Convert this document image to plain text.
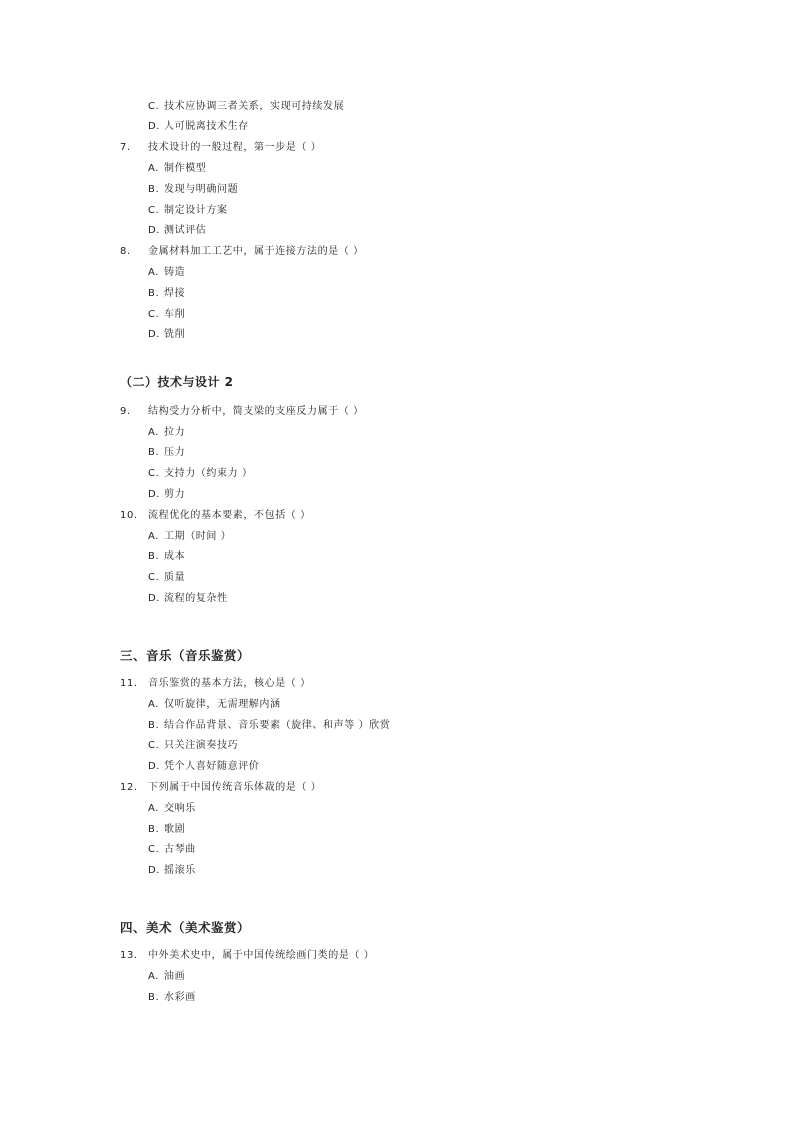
C. 技术应协调三者关系，实现可持续发展
D. 人可脱离技术生存
7. 技术设计的一般过程，第一步是（ ）
A. 制作模型
B. 发现与明确问题
C. 制定设计方案
D. 测试评估
8. 金属材料加工工艺中，属于连接方法的是（ ）
A. 铸造
B. 焊接
C. 车削
D. 铣削
（二）技术与设计 2
9. 结构受力分析中，简支梁的支座反力属于（ ）
A. 拉力
B. 压力
C. 支持力（约束力 ）
D. 剪力
10. 流程优化的基本要素，不包括（ ）
A. 工期（时间 ）
B. 成本
C. 质量
D. 流程的复杂性
三、音乐（音乐鉴赏）
11. 音乐鉴赏的基本方法，核心是（ ）
A. 仅听旋律，无需理解内涵
B. 结合作品背景、音乐要素（旋律、和声等 ）欣赏
C. 只关注演奏技巧
D. 凭个人喜好随意评价
12. 下列属于中国传统音乐体裁的是（ ）
A. 交响乐
B. 歌剧
C. 古琴曲
D. 摇滚乐
四、美术（美术鉴赏）
13. 中外美术史中，属于中国传统绘画门类的是（ ）
A. 油画
B. 水彩画
